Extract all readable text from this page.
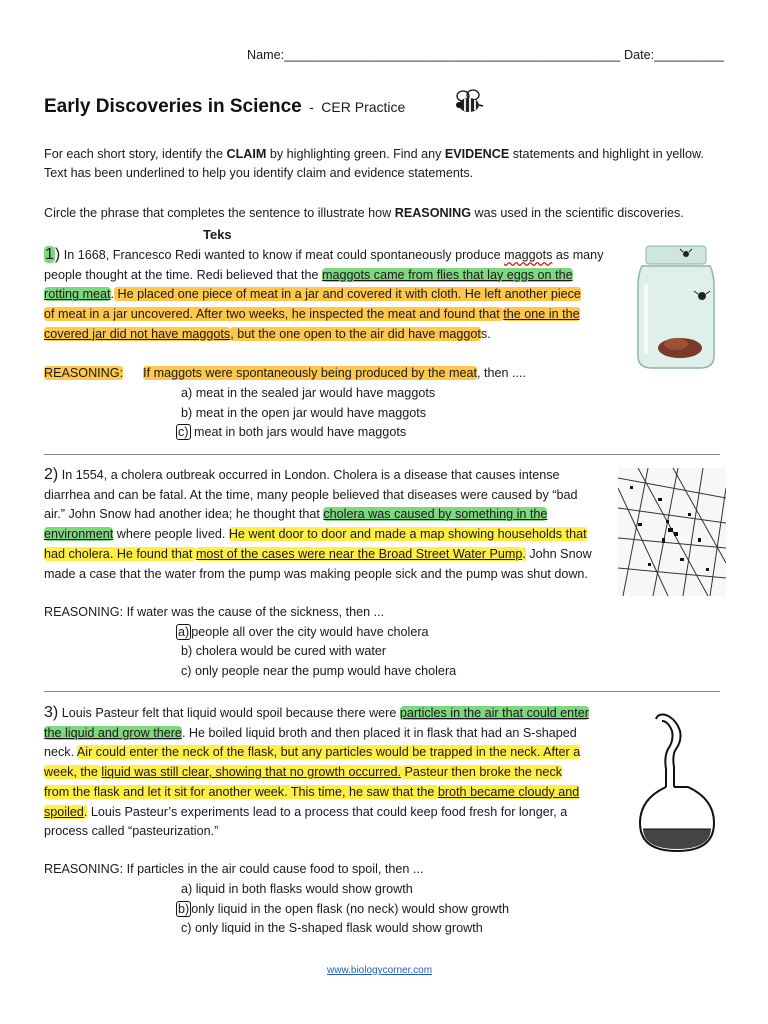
Name:________________________________________________ Date:__________
Early Discoveries in Science - CER Practice
For each short story, identify the CLAIM by highlighting green. Find any EVIDENCE statements and highlight in yellow.
Text has been underlined to help you identify claim and evidence statements.
Circle the phrase that completes the sentence to illustrate how REASONING was used in the scientific discoveries.
Teks
1) In 1668, Francesco Redi wanted to know if meat could spontaneously produce maggots as many
people thought at the time. Redi believed that the maggots came from flies that lay eggs on the
rotting meat. He placed one piece of meat in a jar and covered it with cloth. He left another piece
of meat in a jar uncovered. After two weeks, he inspected the meat and found that the one in the
covered jar did not have maggots, but the one open to the air did have maggots.
REASONING: If maggots were spontaneously being produced by the meat, then ....
a) meat in the sealed jar would have maggots
b) meat in the open jar would have maggots
c) meat in both jars would have maggots
2) In 1554, a cholera outbreak occurred in London. Cholera is a disease that causes intense
diarrhea and can be fatal. At the time, many people believed that diseases were caused by “bad
air.” John Snow had another idea; he thought that cholera was caused by something in the
environment where people lived. He went door to door and made a map showing households that
had cholera. He found that most of the cases were near the Broad Street Water Pump. John Snow
made a case that the water from the pump was making people sick and the pump was shut down.
REASONING: If water was the cause of the sickness, then ...
a) people all over the city would have cholera
b) cholera would be cured with water
c) only people near the pump would have cholera
3) Louis Pasteur felt that liquid would spoil because there were particles in the air that could enter
the liquid and grow there. He boiled liquid broth and then placed it in flask that had an S-shaped
neck. Air could enter the neck of the flask, but any particles would be trapped in the neck. After a
week, the liquid was still clear, showing that no growth occurred. Pasteur then broke the neck
from the flask and let it sit for another week. This time, he saw that the broth became cloudy and
spoiled. Louis Pasteur’s experiments lead to a process that could keep food fresh for longer, a
process called “pasteurization.”
REASONING: If particles in the air could cause food to spoil, then ...
a) liquid in both flasks would show growth
b) only liquid in the open flask (no neck) would show growth
c) only liquid in the S-shaped flask would show growth
www.biologycorner.com
